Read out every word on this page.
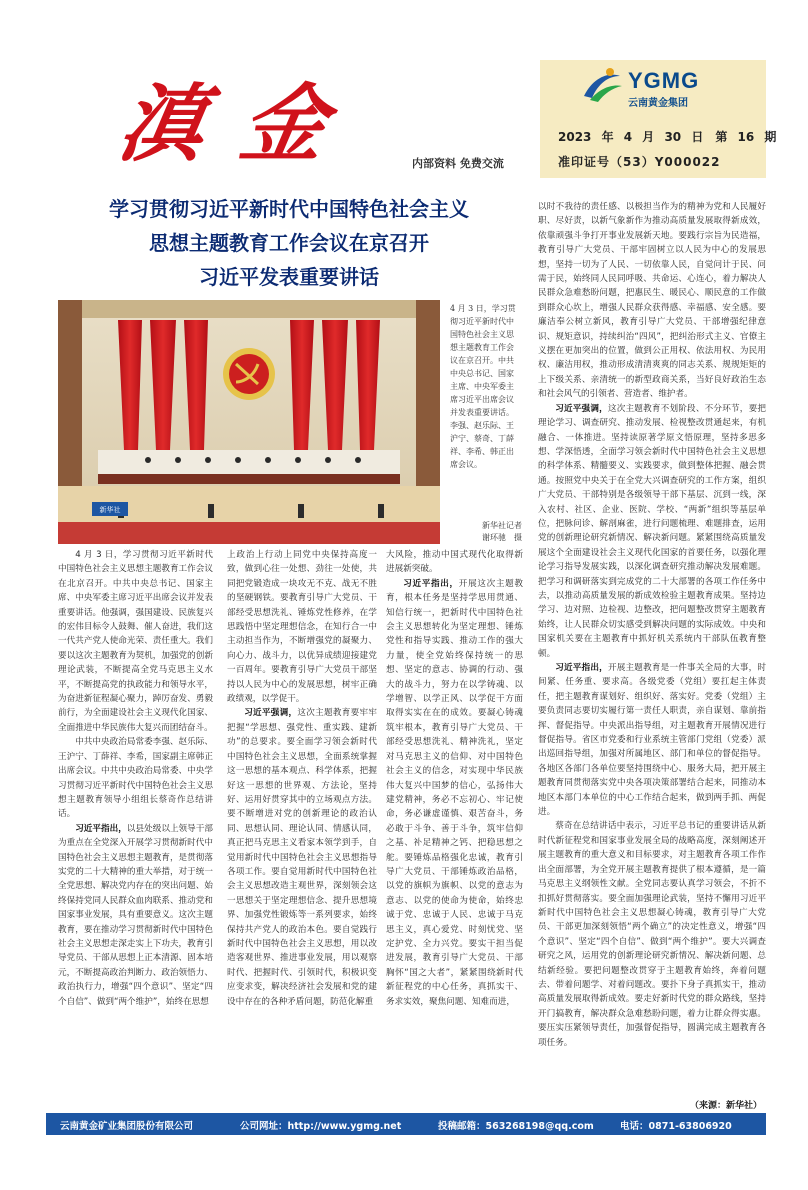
滇金	内部资料 免费交流
YGMG
云南黄金集团
2023 年 4 月 30 日　第 16 期
准印证号（53）Y000022
学习贯彻习近平新时代中国特色社会主义
思想主题教育工作会议在京召开
习近平发表重要讲话
新华社
4 月 3 日，学习贯彻习近平新时代中国特色社会主义思想主题教育工作会议在京召开。中共中央总书记、国家主席、中央军委主席习近平出席会议并发表重要讲话。李强、赵乐际、王沪宁、蔡奇、丁薛祥、李希、韩正出席会议。
新华社记者
谢环驰　摄

4 月 3 日，学习贯彻习近平新时代中国特色社会主义思想主题教育工作会议在北京召开。中共中央总书记、国家主席、中央军委主席习近平出席会议并发表重要讲话。他强调，强国建设、民族复兴的宏伟目标令人鼓舞、催人奋进，我们这一代共产党人使命光荣、责任重大。我们要以这次主题教育为契机，加强党的创新理论武装，不断提高全党马克思主义水平，不断提高党的执政能力和领导水平，为奋进新征程凝心聚力，踔厉奋发、勇毅前行，为全面建设社会主义现代化国家、全面推进中华民族伟大复兴而团结奋斗。

中共中央政治局常委李强、赵乐际、王沪宁、丁薛祥、李希，国家副主席韩正出席会议。中共中央政治局常委、中央学习贯彻习近平新时代中国特色社会主义思想主题教育领导小组组长蔡奇作总结讲话。

习近平指出，以县处级以上领导干部为重点在全党深入开展学习贯彻新时代中国特色社会主义思想主题教育，是贯彻落实党的二十大精神的重大举措，对于统一全党思想、解决党内存在的突出问题、始终保持党同人民群众血肉联系、推动党和国家事业发展，具有重要意义。这次主题教育，要在推动学习贯彻新时代中国特色社会主义思想走深走实上下功夫，教育引导党员、干部从思想上正本清源、固本培元，不断提高政治判断力、政治领悟力、政治执行力，增强“四个意识”、坚定“四个自信”、做到“两个维护”，始终在思想

上政治上行动上同党中央保持高度一致，做到心往一处想、劲往一处使，共同把党锻造成一块攻无不克、战无不胜的坚硬钢铁。要教育引导广大党员、干部经受思想洗礼、锤炼党性修养，在学思践悟中坚定理想信念，在知行合一中主动担当作为，不断增强党的凝聚力、向心力、战斗力，以优异成绩迎接建党一百周年。要教育引导广大党员干部坚持以人民为中心的发展思想，树牢正确政绩观，以学促干。

习近平强调，这次主题教育要牢牢把握“学思想、强党性、重实践、建新功”的总要求。要全面学习领会新时代中国特色社会主义思想，全面系统掌握这一思想的基本观点、科学体系，把握好这一思想的世界观、方法论，坚持好、运用好贯穿其中的立场观点方法。要不断增进对党的创新理论的政治认同、思想认同、理论认同、情感认同，真正把马克思主义看家本领学到手，自觉用新时代中国特色社会主义思想指导各项工作。要自觉用新时代中国特色社会主义思想改造主观世界，深刻领会这一思想关于坚定理想信念、提升思想境界、加强党性锻炼等一系列要求，始终保持共产党人的政治本色。要自觉践行新时代中国特色社会主义思想，用以改造客观世界、推进事业发展，用以观察时代、把握时代、引领时代，积极识变应变求变，解决经济社会发展和党的建设中存在的各种矛盾问题，防范化解重

大风险，推动中国式现代化取得新进展新突破。

习近平指出，开展这次主题教育，根本任务是坚持学思用贯通、知信行统一，把新时代中国特色社会主义思想转化为坚定理想、锤炼党性和指导实践、推动工作的强大力量，使全党始终保持统一的思想、坚定的意志、协调的行动、强大的战斗力，努力在以学铸魂、以学增智、以学正风、以学促干方面取得实实在在的成效。要凝心铸魂筑牢根本，教育引导广大党员、干部经受思想洗礼、精神洗礼，坚定对马克思主义的信仰、对中国特色社会主义的信念，对实现中华民族伟大复兴中国梦的信心，弘扬伟大建党精神，务必不忘初心、牢记使命，务必谦虚谨慎、艰苦奋斗，务必敢于斗争、善于斗争，筑牢信仰之基、补足精神之钙、把稳思想之舵。要锤炼品格强化忠诚，教育引导广大党员、干部锤炼政治品格，以党的旗帜为旗帜、以党的意志为意志、以党的使命为使命，始终忠诚于党、忠诚于人民、忠诚于马克思主义，真心爱党、时刻忧党、坚定护党、全力兴党。要实干担当促进发展，教育引导广大党员、干部胸怀“国之大者”，紧紧围绕新时代新征程党的中心任务，真抓实干、务求实效，聚焦问题、知难而进，

以时不我待的责任感、以极担当作为的精神为党和人民履好职、尽好责，以新气象新作为推动高质量发展取得新成效，依靠顽强斗争打开事业发展新天地。要践行宗旨为民造福，教育引导广大党员、干部牢固树立以人民为中心的发展思想，坚持一切为了人民、一切依靠人民，自觉问计于民、问需于民，始终同人民同呼吸、共命运、心连心，着力解决人民群众急难愁盼问题，把惠民生、暖民心、顺民意的工作做到群众心坎上，增强人民群众获得感、幸福感、安全感。要廉洁奉公树立新风，教育引导广大党员、干部增强纪律意识、规矩意识，持续纠治“四风”，把纠治形式主义、官僚主义摆在更加突出的位置，做到公正用权、依法用权、为民用权、廉洁用权，推动形成清清爽爽的同志关系、规规矩矩的上下级关系、亲清统一的新型政商关系，当好良好政治生态和社会风气的引领者、营造者、维护者。

习近平强调，这次主题教育不划阶段、不分环节，要把理论学习、调查研究、推动发展、检视整改贯通起来，有机融合、一体推进。坚持读原著学原文悟原理，坚持多思多想、学深悟透，全面学习领会新时代中国特色社会主义思想的科学体系、精髓要义、实践要求，做到整体把握、融会贯通。按照党中央关于在全党大兴调查研究的工作方案，组织广大党员、干部特别是各级领导干部下基层、沉到一线，深入农村、社区、企业、医院、学校、“两新”组织等基层单位，把脉问诊、解剖麻雀，进行问题梳理、难题排查，运用党的创新理论研究新情况、解决新问题。紧紧围绕高质量发展这个全面建设社会主义现代化国家的首要任务，以强化理论学习指导发展实践，以深化调查研究推动解决发展难题。把学习和调研落实到完成党的二十大部署的各项工作任务中去，以推动高质量发展的新成效检验主题教育成果。坚持边学习、边对照、边检视、边整改，把问题整改贯穿主题教育始终，让人民群众切实感受到解决问题的实际成效。中央和国家机关要在主题教育中抓好机关系统内干部队伍教育整顿。

习近平指出，开展主题教育是一件事关全局的大事，时间紧、任务重、要求高。各级党委（党组）要扛起主体责任，把主题教育谋划好、组织好、落实好。党委（党组）主要负责同志要切实履行第一责任人职责，亲自谋划、靠前指挥、督促指导。中央派出指导组，对主题教育开展情况进行督促指导。省区市党委和行业系统主管部门党组（党委）派出巡回指导组，加强对所属地区、部门和单位的督促指导。各地区各部门各单位要坚持围绕中心、服务大局，把开展主题教育同贯彻落实党中央各项决策部署结合起来，同推动本地区本部门本单位的中心工作结合起来，做到两手抓、两促进。

蔡奇在总结讲话中表示，习近平总书记的重要讲话从新时代新征程党和国家事业发展全局的战略高度，深刻阐述开展主题教育的重大意义和目标要求，对主题教育各项工作作出全面部署，为全党开展主题教育提供了根本遵循，是一篇马克思主义纲领性文献。全党同志要认真学习领会，不折不扣抓好贯彻落实。要全面加强理论武装，坚持不懈用习近平新时代中国特色社会主义思想凝心铸魂，教育引导广大党员、干部更加深刻领悟“两个确立”的决定性意义，增强“四个意识”、坚定“四个自信”、做到“两个维护”。要大兴调查研究之风，运用党的创新理论研究新情况、解决新问题、总结新经验。要把问题整改贯穿于主题教育始终，奔着问题去、带着问题学、对着问题改。要扑下身子真抓实干，推动高质量发展取得新成效。要走好新时代党的群众路线，坚持开门搞教育，解决群众急难愁盼问题，着力让群众得实惠。要压实压紧领导责任，加强督促指导，圆满完成主题教育各项任务。

（来源：新华社）
云南黄金矿业集团股份有限公司	公司网址：http://www.ygmg.net	投稿邮箱：563268198@qq.com	电话：0871-63806920
